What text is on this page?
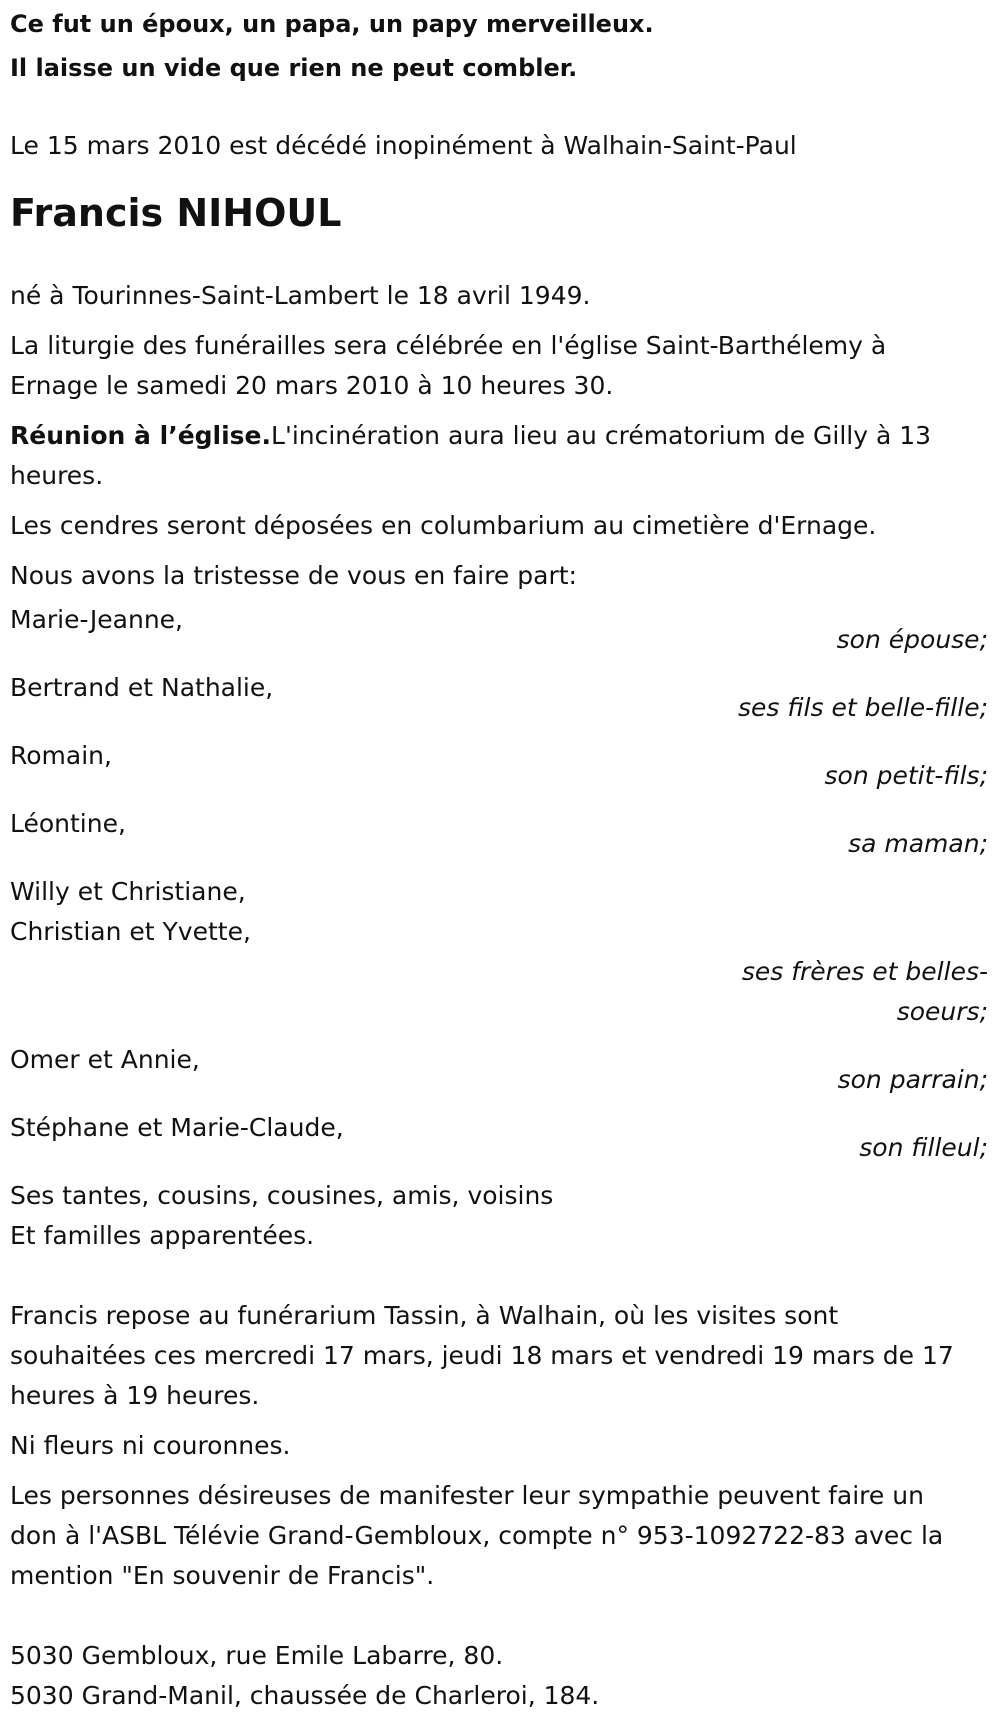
Ce fut un époux, un papa, un papy merveilleux.
Il laisse un vide que rien ne peut combler.
Le 15 mars 2010 est décédé inopinément à Walhain-Saint-Paul
Francis NIHOUL
né à Tourinnes-Saint-Lambert le 18 avril 1949.
La liturgie des funérailles sera célébrée en l'église Saint-Barthélemy à Ernage le samedi 20 mars 2010 à 10 heures 30.
Réunion à l’église.L'incinération aura lieu au crématorium de Gilly à 13 heures.
Les cendres seront déposées en columbarium au cimetière d'Ernage.
Nous avons la tristesse de vous en faire part:
Marie-Jeanne,
son épouse;
Bertrand et Nathalie,
ses fils et belle-fille;
Romain,
son petit-fils;
Léontine,
sa maman;
Willy et Christiane,
Christian et Yvette,
ses frères et belles-soeurs;
Omer et Annie,
son parrain;
Stéphane et Marie-Claude,
son filleul;
Ses tantes, cousins, cousines, amis, voisins
Et familles apparentées.
Francis repose au funérarium Tassin, à Walhain, où les visites sont souhaitées ces mercredi 17 mars, jeudi 18 mars et vendredi 19 mars de 17 heures à 19 heures.
Ni fleurs ni couronnes.
Les personnes désireuses de manifester leur sympathie peuvent faire un don à l'ASBL Télévie Grand-Gembloux, compte n° 953-1092722-83 avec la mention "En souvenir de Francis".
5030 Gembloux, rue Emile Labarre, 80.
5030 Grand-Manil, chaussée de Charleroi, 184.
